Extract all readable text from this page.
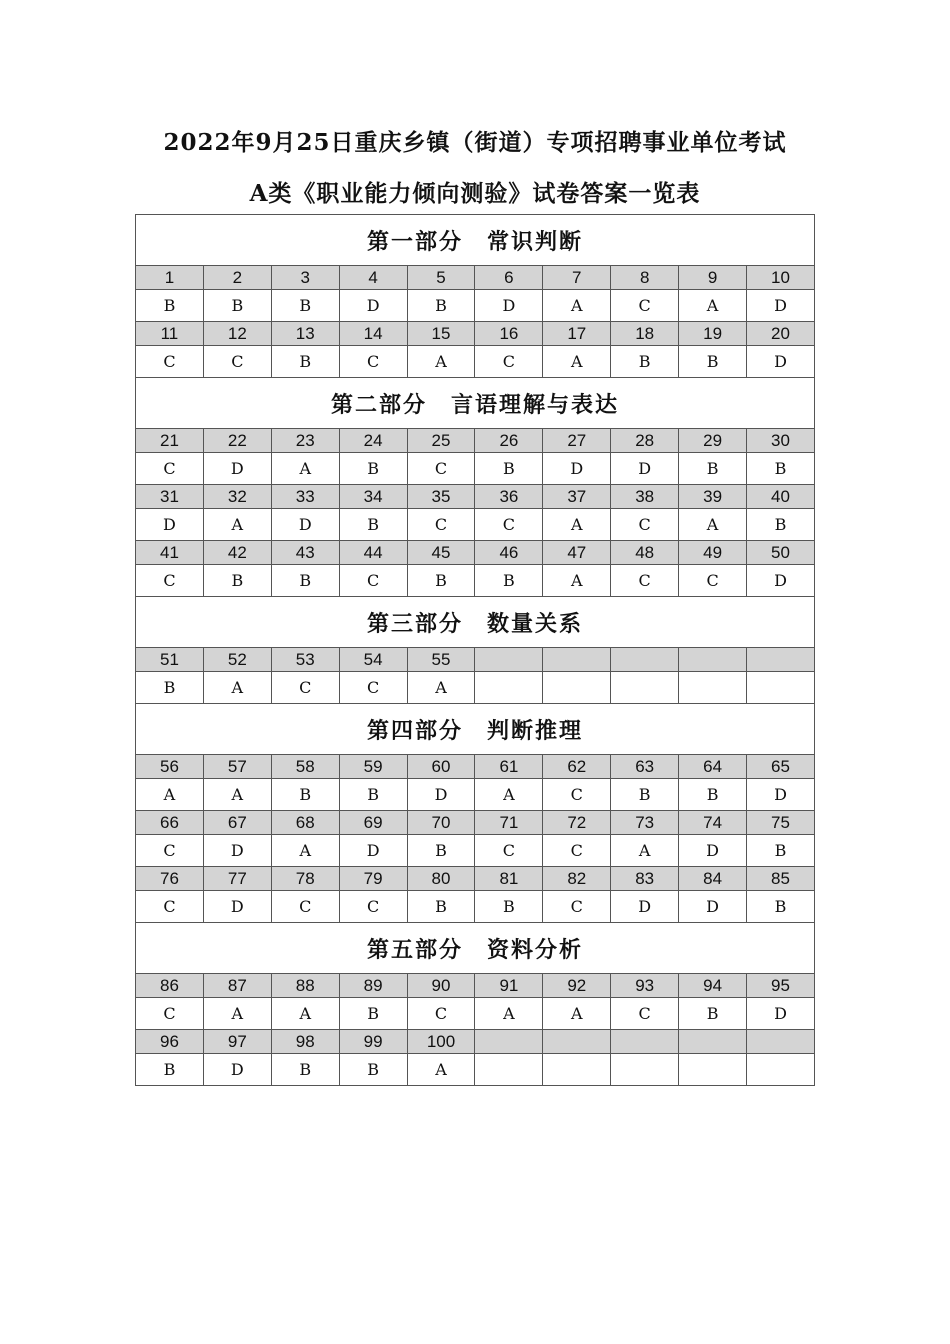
2022年9月25日重庆乡镇（街道）专项招聘事业单位考试
A类《职业能力倾向测验》试卷答案一览表
第一部分　常识判断									
1	2	3	4	5	6	7	8	9	10
B	B	B	D	B	D	A	C	A	D
11	12	13	14	15	16	17	18	19	20
C	C	B	C	A	C	A	B	B	D
第二部分　言语理解与表达									
21	22	23	24	25	26	27	28	29	30
C	D	A	B	C	B	D	D	B	B
31	32	33	34	35	36	37	38	39	40
D	A	D	B	C	C	A	C	A	B
41	42	43	44	45	46	47	48	49	50
C	B	B	C	B	B	A	C	C	D
第三部分　数量关系									
51	52	53	54	55					
B	A	C	C	A					
第四部分　判断推理									
56	57	58	59	60	61	62	63	64	65
A	A	B	B	D	A	C	B	B	D
66	67	68	69	70	71	72	73	74	75
C	D	A	D	B	C	C	A	D	B
76	77	78	79	80	81	82	83	84	85
C	D	C	C	B	B	C	D	D	B
第五部分　资料分析									
86	87	88	89	90	91	92	93	94	95
C	A	A	B	C	A	A	C	B	D
96	97	98	99	100					
B	D	B	B	A					
